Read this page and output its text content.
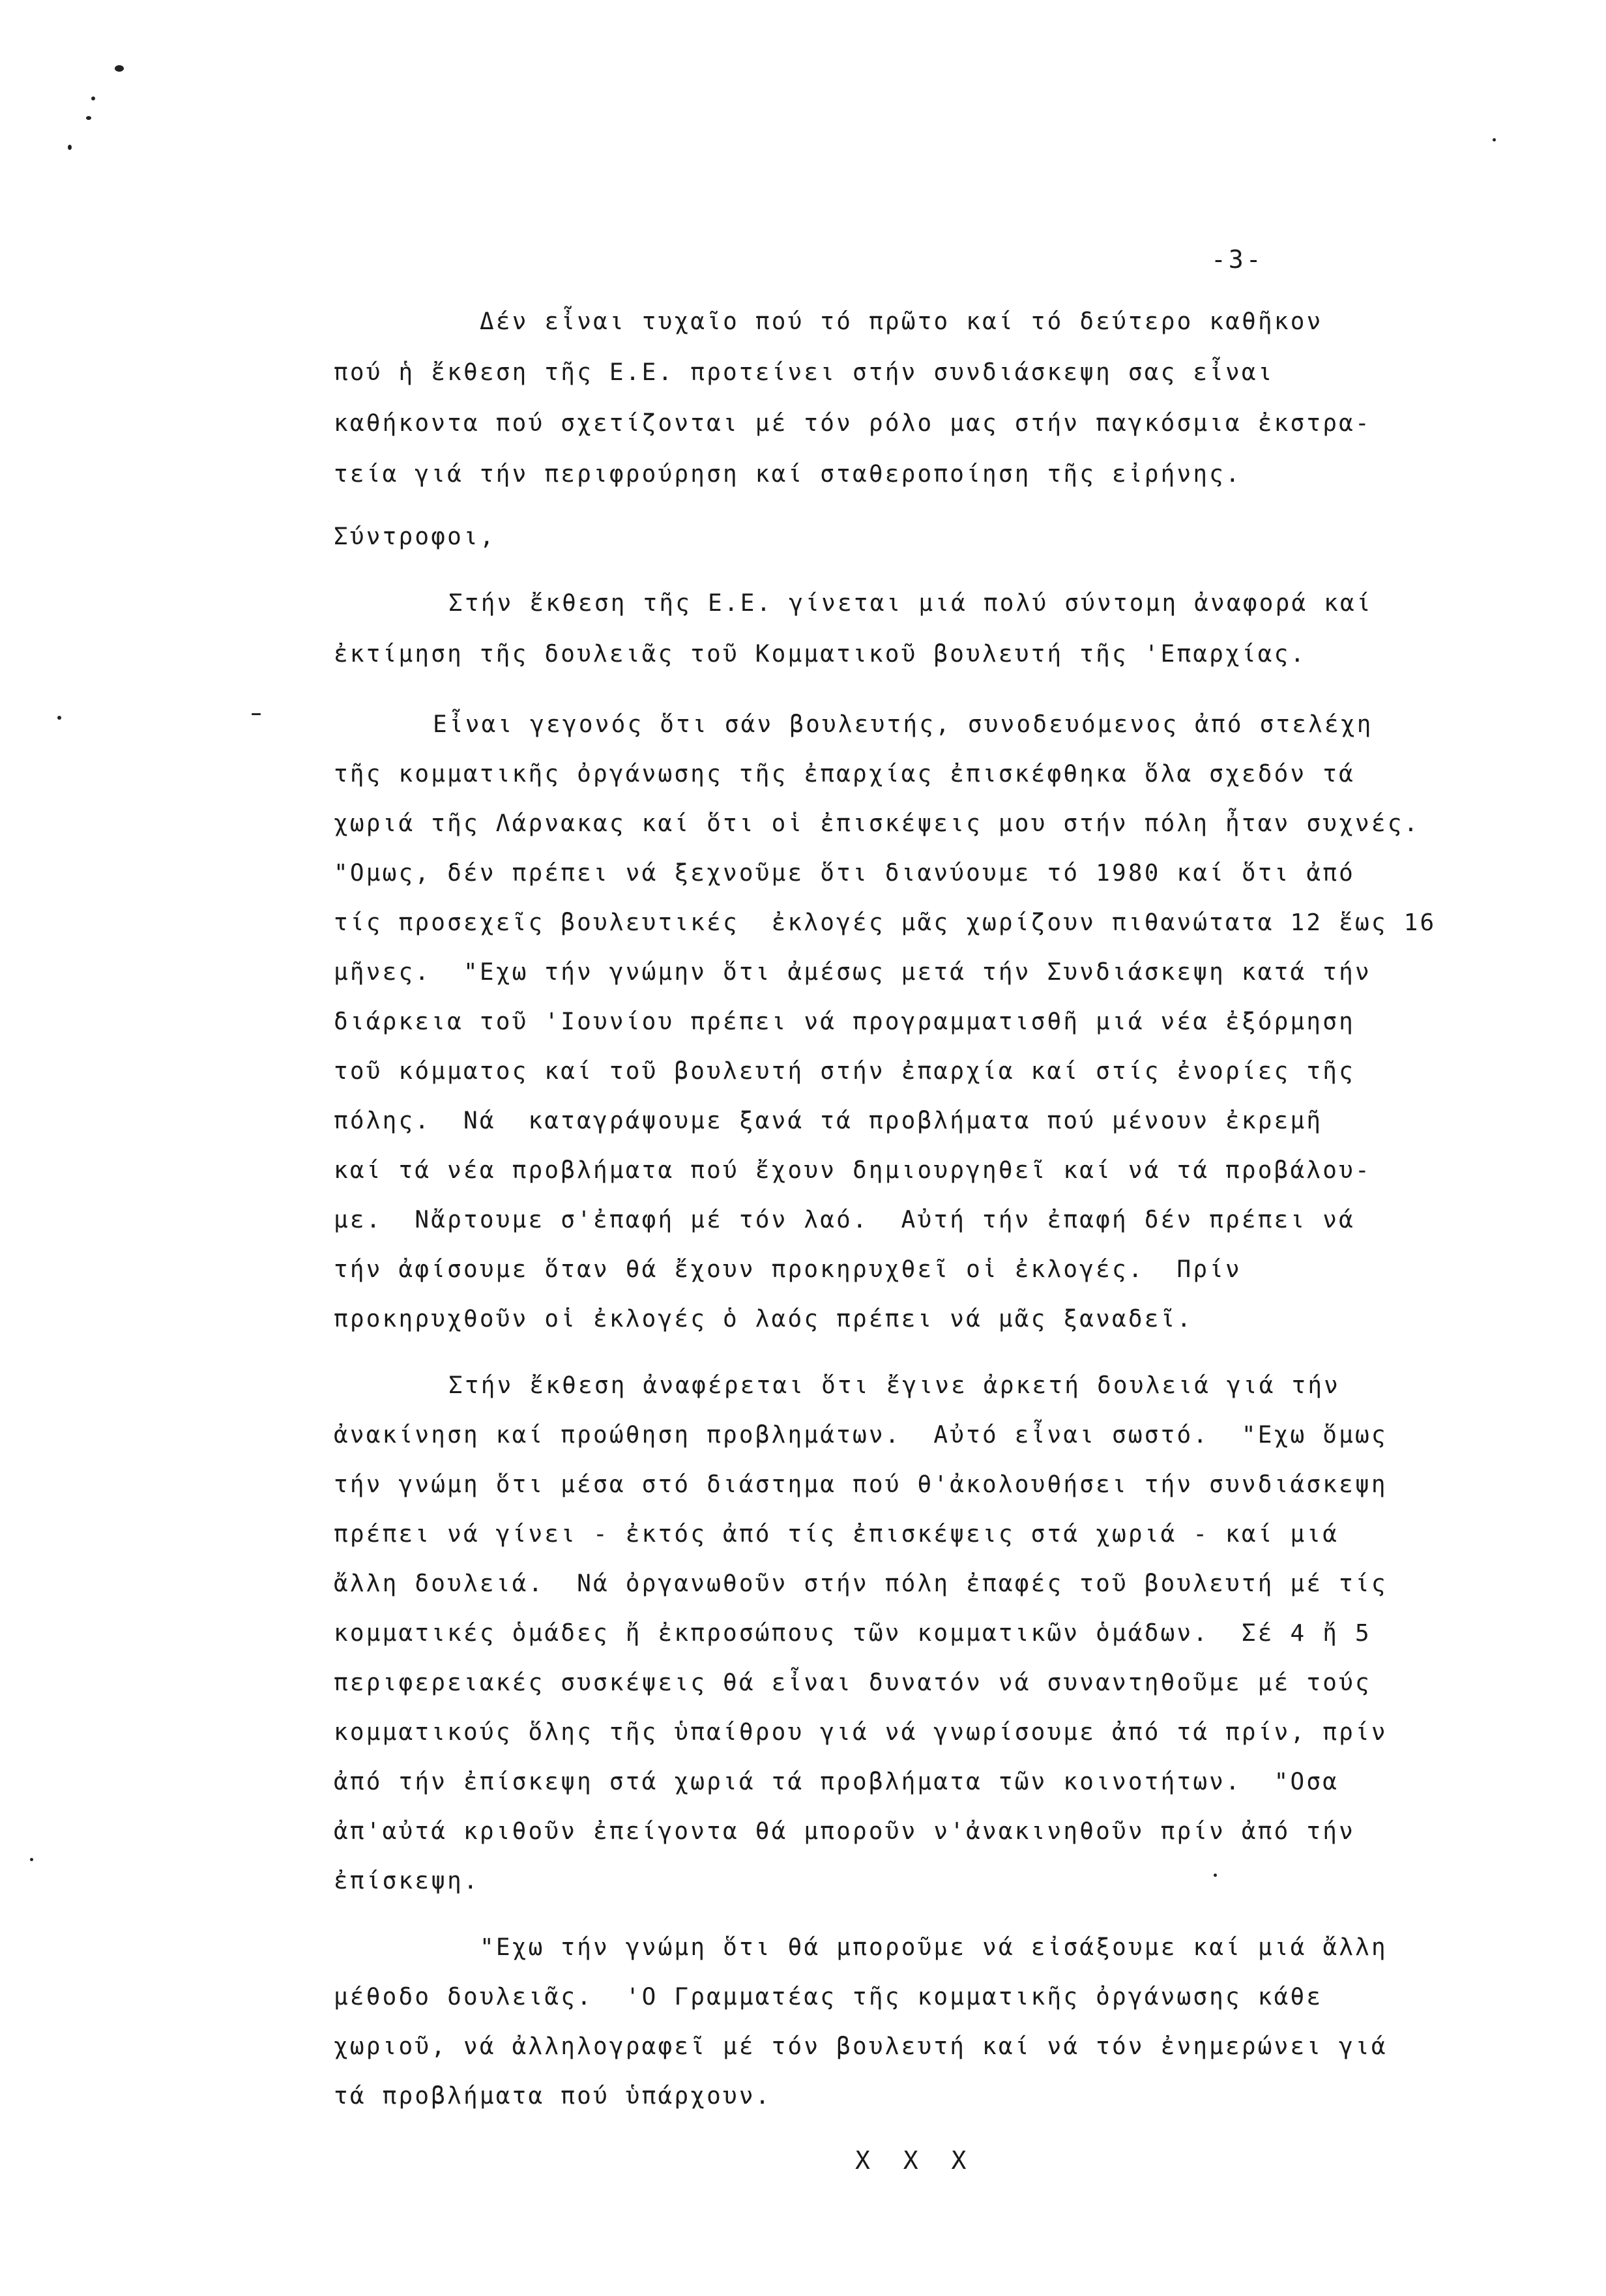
-3-

Δέν εἶναι τυχαῖο πού τό πρῶτο καί τό δεύτερο καθῆκον

πού ἡ ἔκθεση τῆς Ε.Ε. προτείνει στήν συνδιάσκεψη σας εἶναι

καθήκοντα πού σχετίζονται μέ τόν ρόλο μας στήν παγκόσμια ἐκστρα-

τεία γιά τήν περιφρούρηση καί σταθεροποίηση τῆς εἰρήνης.

Σύντροφοι,

Στήν ἔκθεση τῆς Ε.Ε. γίνεται μιά πολύ σύντομη ἀναφορά καί

ἐκτίμηση τῆς δουλειᾶς τοῦ Κομματικοῦ βουλευτή τῆς 'Επαρχίας.

Εἶναι γεγονός ὅτι σάν βουλευτής, συνοδευόμενος ἀπό στελέχη

τῆς κομματικῆς ὀργάνωσης τῆς ἐπαρχίας ἐπισκέφθηκα ὅλα σχεδόν τά

χωριά τῆς Λάρνακας καί ὅτι οἱ ἐπισκέψεις μου στήν πόλη ἦταν συχνές.

"Ομως, δέν πρέπει νά ξεχνοῦμε ὅτι διανύουμε τό 1980 καί ὅτι ἀπό

τίς προσεχεῖς βουλευτικές  ἐκλογές μᾶς χωρίζουν πιθανώτατα 12 ἕως 16

μῆνες.  "Εχω τήν γνώμην ὅτι ἀμέσως μετά τήν Συνδιάσκεψη κατά τήν

διάρκεια τοῦ 'Ιουνίου πρέπει νά προγραμματισθῆ μιά νέα ἐξόρμηση

τοῦ κόμματος καί τοῦ βουλευτή στήν ἐπαρχία καί στίς ἐνορίες τῆς

πόλης.  Νά  καταγράψουμε ξανά τά προβλήματα πού μένουν ἐκρεμῆ

καί τά νέα προβλήματα πού ἔχουν δημιουργηθεῖ καί νά τά προβάλου-

με.  Νἄρτουμε σ'ἐπαφή μέ τόν λαό.  Αὐτή τήν ἐπαφή δέν πρέπει νά

τήν ἀφίσουμε ὅταν θά ἔχουν προκηρυχθεῖ οἱ ἐκλογές.  Πρίν

προκηρυχθοῦν οἱ ἐκλογές ὁ λαός πρέπει νά μᾶς ξαναδεῖ.

Στήν ἔκθεση ἀναφέρεται ὅτι ἔγινε ἀρκετή δουλειά γιά τήν

ἀνακίνηση καί προώθηση προβλημάτων.  Αὐτό εἶναι σωστό.  "Εχω ὅμως

τήν γνώμη ὅτι μέσα στό διάστημα πού θ'ἀκολουθήσει τήν συνδιάσκεψη

πρέπει νά γίνει - ἐκτός ἀπό τίς ἐπισκέψεις στά χωριά - καί μιά

ἄλλη δουλειά.  Νά ὀργανωθοῦν στήν πόλη ἐπαφές τοῦ βουλευτή μέ τίς

κομματικές ὁμάδες ἤ ἐκπροσώπους τῶν κομματικῶν ὁμάδων.  Σέ 4 ἤ 5

περιφερειακές συσκέψεις θά εἶναι δυνατόν νά συναντηθοῦμε μέ τούς

κομματικούς ὅλης τῆς ὑπαίθρου γιά νά γνωρίσουμε ἀπό τά πρίν, πρίν

ἀπό τήν ἐπίσκεψη στά χωριά τά προβλήματα τῶν κοινοτήτων.  "Οσα

ἀπ'αὐτά κριθοῦν ἐπείγοντα θά μποροῦν ν'ἀνακινηθοῦν πρίν ἀπό τήν

ἐπίσκεψη.

"Εχω τήν γνώμη ὅτι θά μποροῦμε νά εἰσάξουμε καί μιά ἄλλη

μέθοδο δουλειᾶς.  'Ο Γραμματέας τῆς κομματικῆς ὀργάνωσης κάθε

χωριοῦ, νά ἀλληλογραφεῖ μέ τόν βουλευτή καί νά τόν ἐνημερώνει γιά

τά προβλήματα πού ὑπάρχουν.

X X X
